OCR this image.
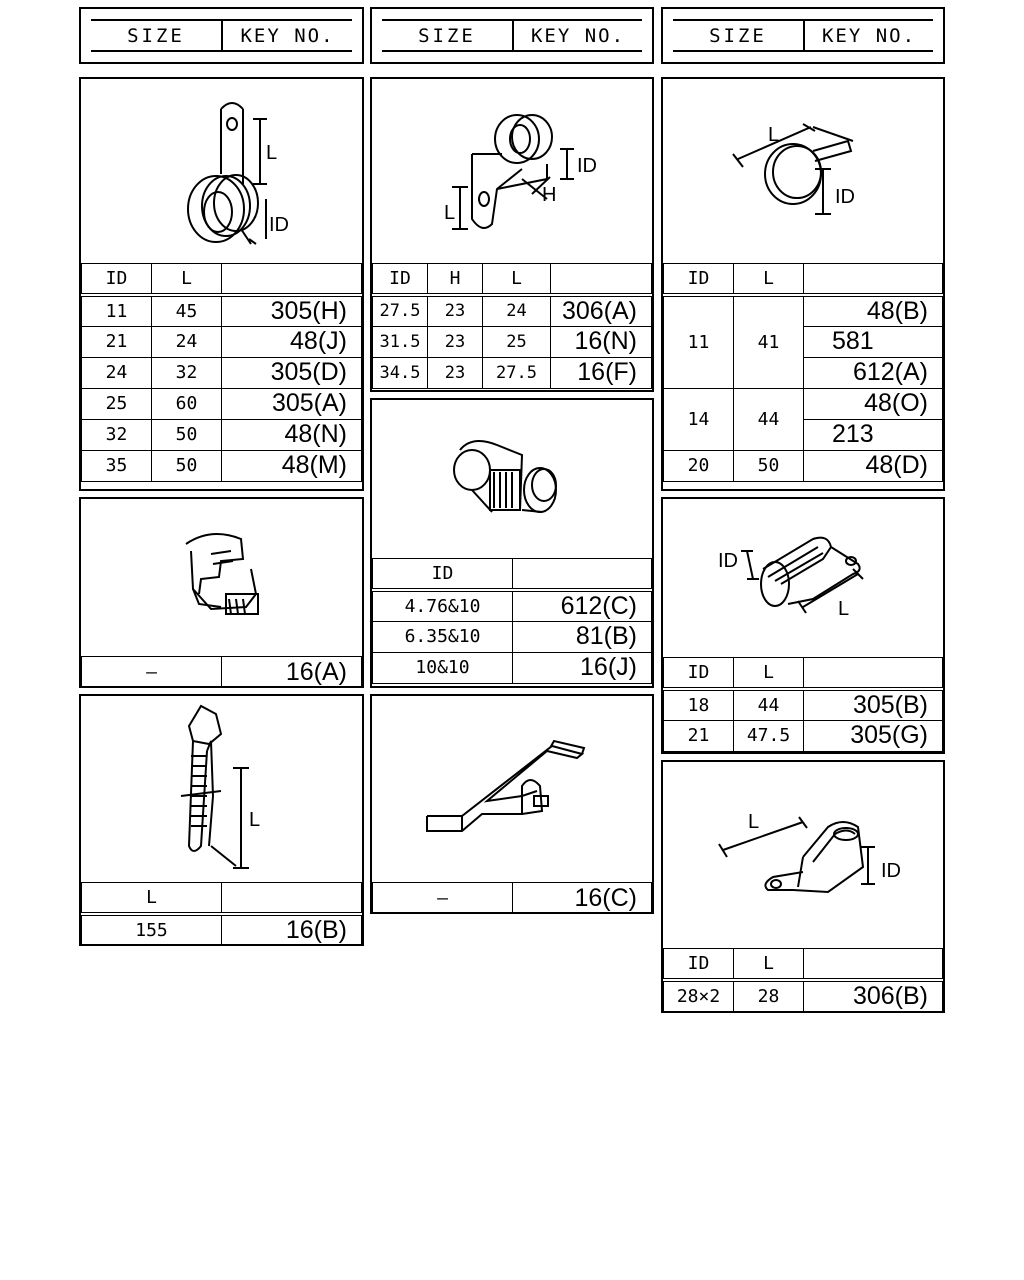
SIZE	KEY NO.	SIZE	KEY NO.	SIZE	KEY NO.
L
ID
ID	L	
11	45	305(H)
21	24	48(J)
24	32	305(D)
25	60	305(A)
32	50	48(N)
35	50	48(M)
L
H
ID
ID	H	L	
27.5	23	24	306(A)
31.5	23	25	16(N)
34.5	23	27.5	16(F)
L
ID
ID	L	
11	41	48(B)
		581
		612(A)
14	44	48(O)
		213
20	50	48(D)
—	16(A)
ID	
4.76&10	612(C)
6.35&10	81(B)
10&10	16(J)
ID
L
ID	L	
18	44	305(B)
21	47.5	305(G)
L
L	
155	16(B)
—	16(C)
L
ID
ID	L	
28×2	28	306(B)
